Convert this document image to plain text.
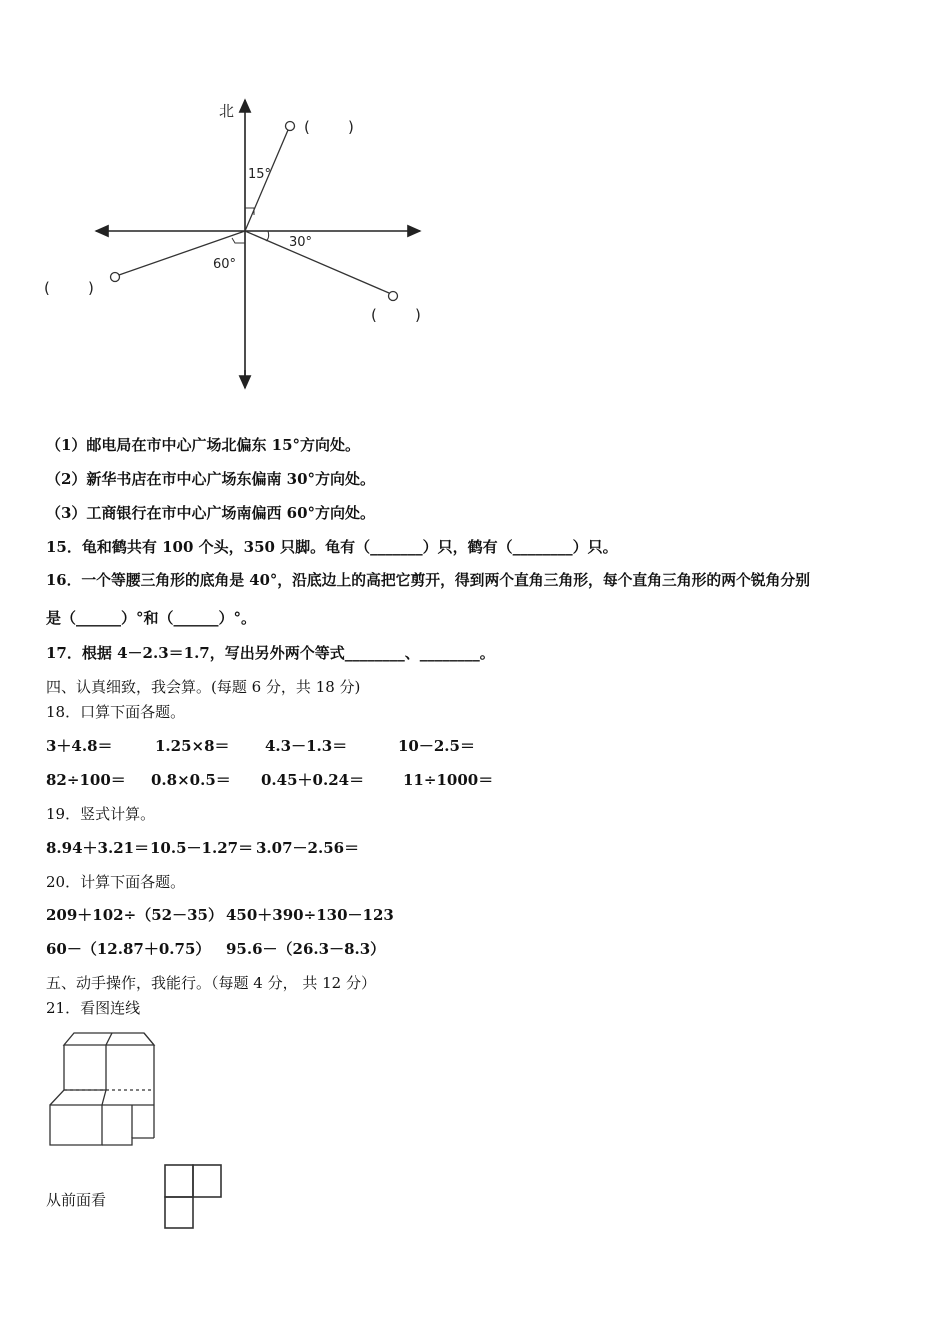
北
15°
30°
60°
(        )
(        )
(        )
（1）邮电局在市中心广场北偏东 15°方向处。
（2）新华书店在市中心广场东偏南 30°方向处。
（3）工商银行在市中心广场南偏西 60°方向处。
15．龟和鹤共有 100 个头，350 只脚。龟有（_______）只，鹤有（________）只。
16．一个等腰三角形的底角是 40°，沿底边上的高把它剪开，得到两个直角三角形，每个直角三角形的两个锐角分别
是（______）°和（______）°。
17．根据 4－2.3＝1.7，写出另外两个等式________、________。
四、认真细致，我会算。(每题 6 分，共 18 分)
18．口算下面各题。
3＋4.8＝	1.25×8＝ 4.3－1.3＝	10－2.5＝
82÷100＝ 0.8×0.5＝ 0.45＋0.24＝	11÷1000＝
19．竖式计算。
8.94＋3.21＝ 10.5－1.27＝ 3.07－2.56＝
20．计算下面各题。
209＋102÷（52－35） 450＋390÷130－123
60－（12.87＋0.75） 95.6－（26.3－8.3）
五、动手操作，我能行。（每题 4 分， 共 12 分）
21．看图连线
从前面看
